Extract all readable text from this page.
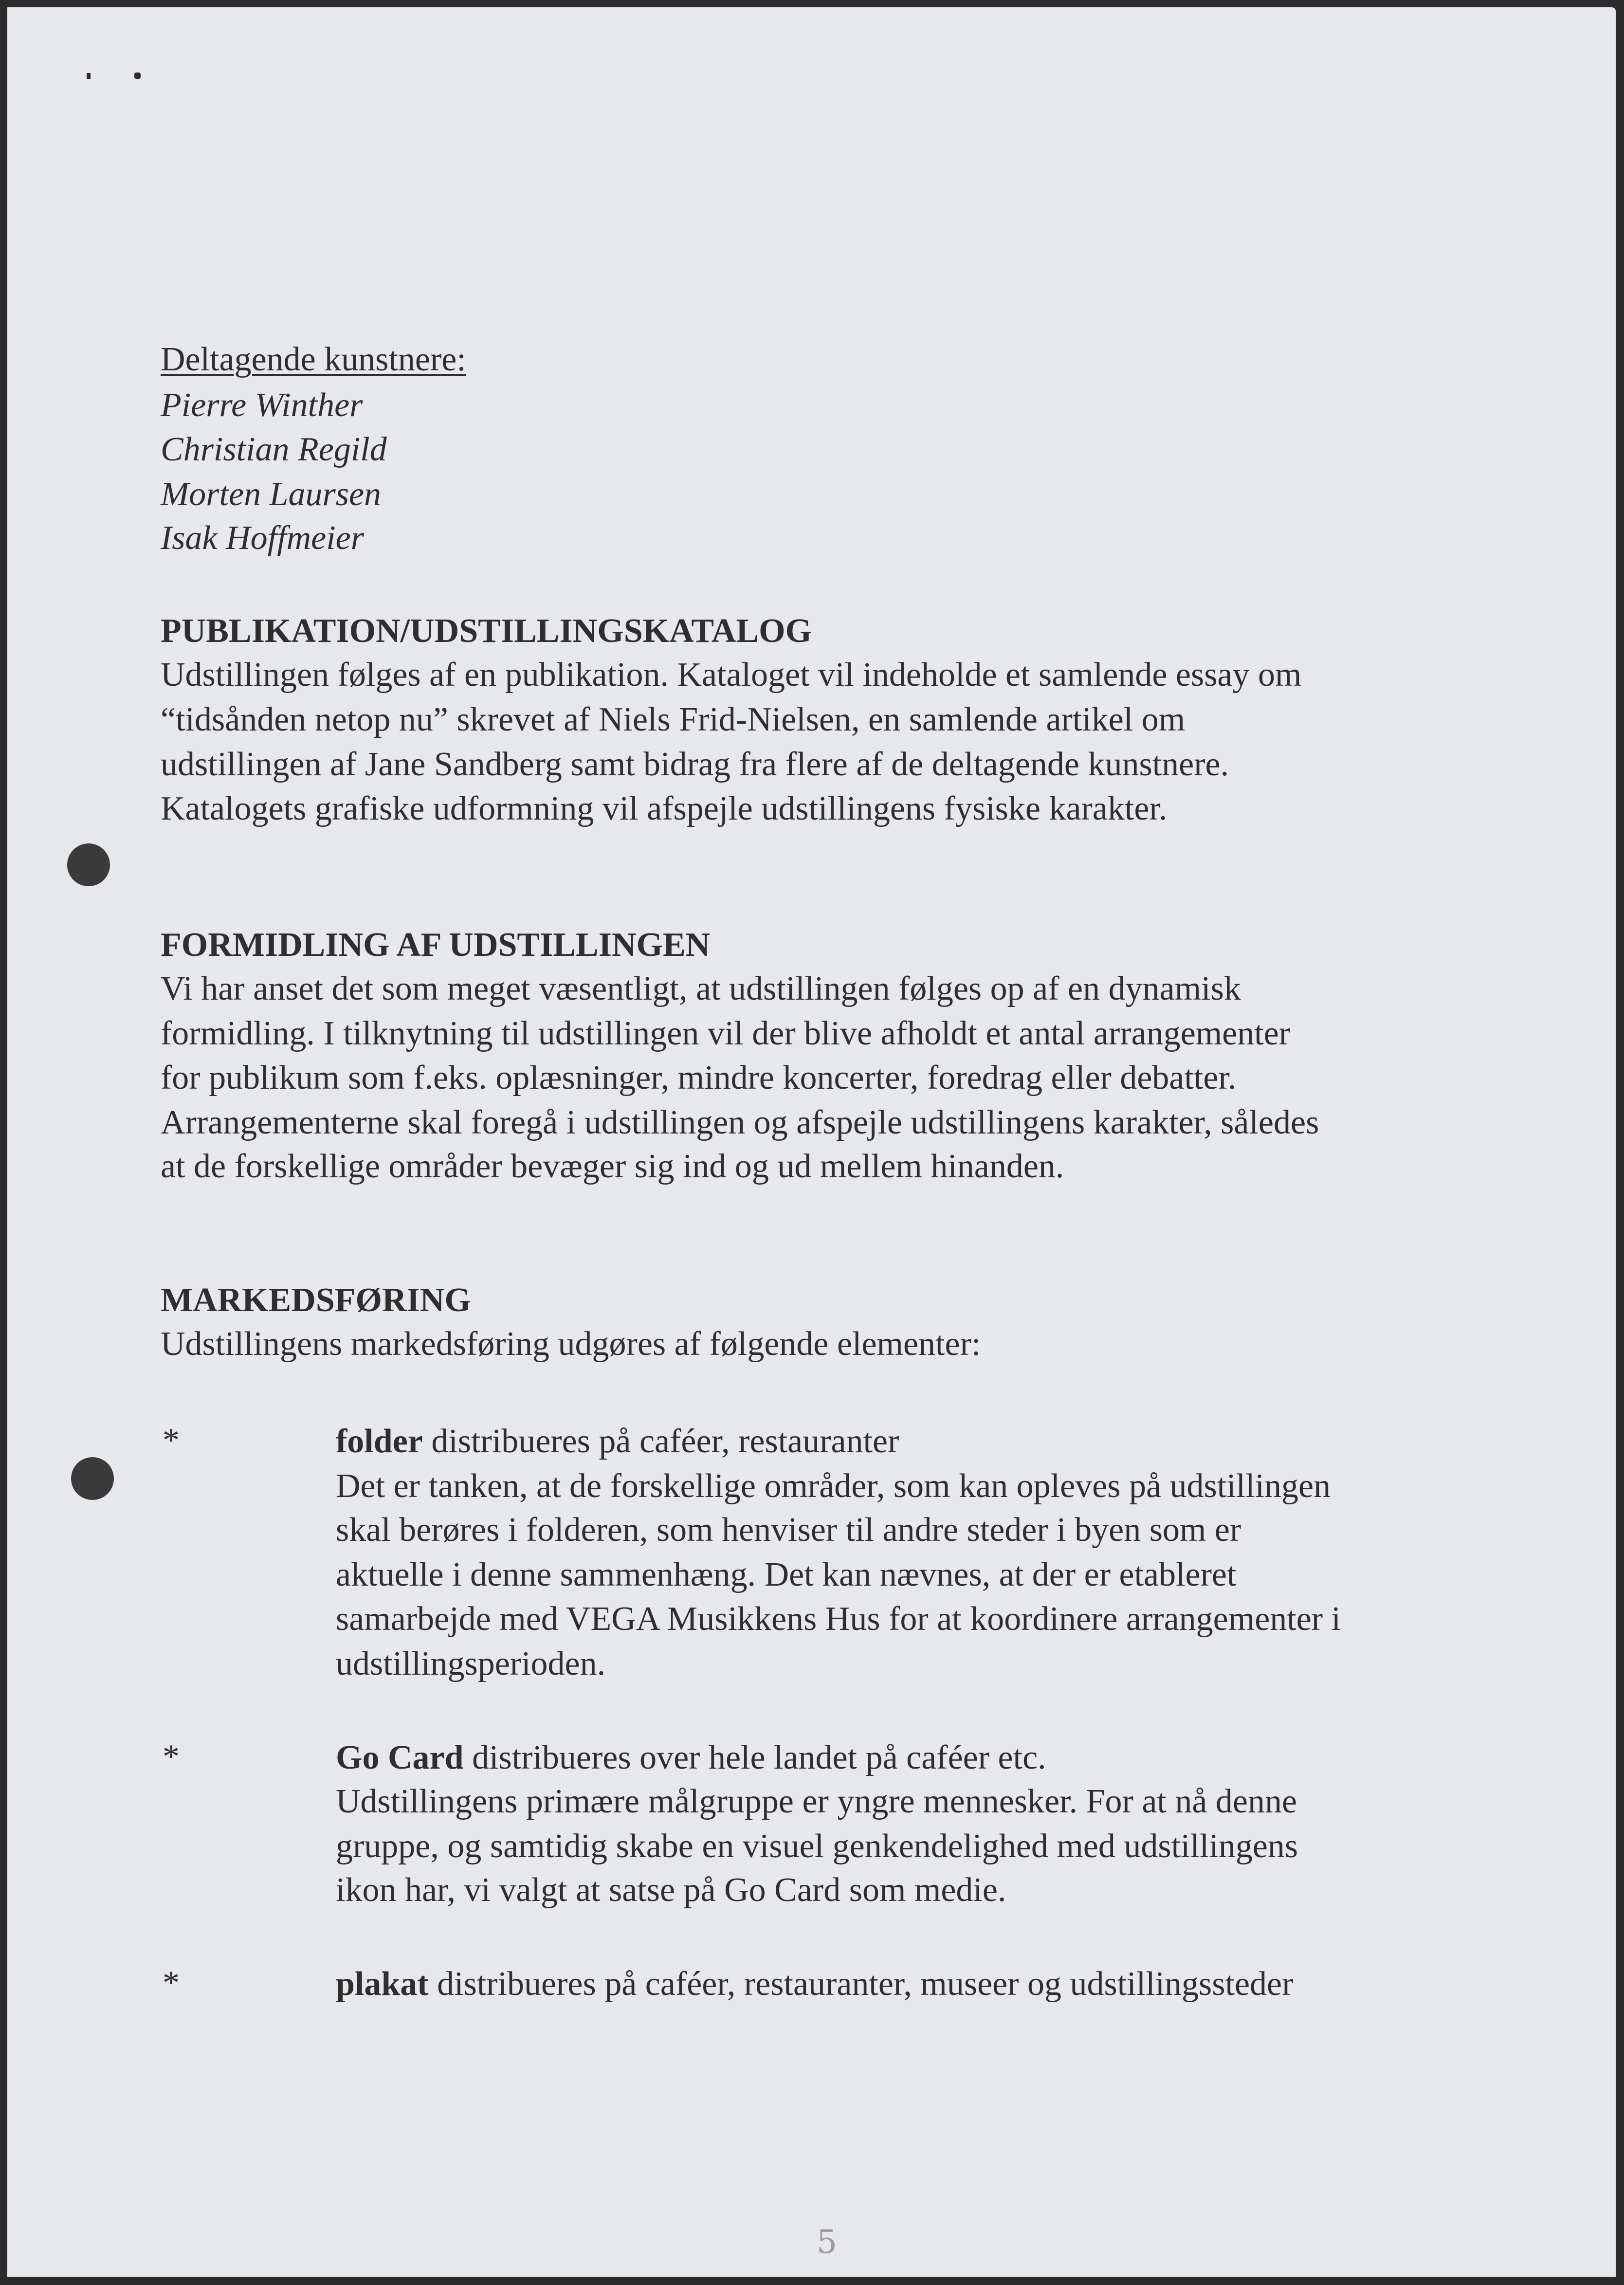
Deltagende kunstnere:
Pierre Winther
Christian Regild
Morten Laursen
Isak Hoffmeier
PUBLIKATION/UDSTILLINGSKATALOG
Udstillingen følges af en publikation. Kataloget vil indeholde et samlende essay om
“tidsånden netop nu” skrevet af Niels Frid-Nielsen, en samlende artikel om
udstillingen af Jane Sandberg samt bidrag fra flere af de deltagende kunstnere.
Katalogets grafiske udformning vil afspejle udstillingens fysiske karakter.
FORMIDLING AF UDSTILLINGEN
Vi har anset det som meget væsentligt, at udstillingen følges op af en dynamisk
formidling. I tilknytning til udstillingen vil der blive afholdt et antal arrangementer
for publikum som f.eks. oplæsninger, mindre koncerter, foredrag eller debatter.
Arrangementerne skal foregå i udstillingen og afspejle udstillingens karakter, således
at de forskellige områder bevæger sig ind og ud mellem hinanden.
MARKEDSFØRING
Udstillingens markedsføring udgøres af følgende elementer:
*	folder distribueres på caféer, restauranter
Det er tanken, at de forskellige områder, som kan opleves på udstillingen
skal berøres i folderen, som henviser til andre steder i byen som er
aktuelle i denne sammenhæng. Det kan nævnes, at der er etableret
samarbejde med VEGA Musikkens Hus for at koordinere arrangementer i
udstillingsperioden.
*	Go Card distribueres over hele landet på caféer etc.
Udstillingens primære målgruppe er yngre mennesker. For at nå denne
gruppe, og samtidig skabe en visuel genkendelighed med udstillingens
ikon har, vi valgt at satse på Go Card som medie.
*	plakat distribueres på caféer, restauranter, museer og udstillingssteder
5
